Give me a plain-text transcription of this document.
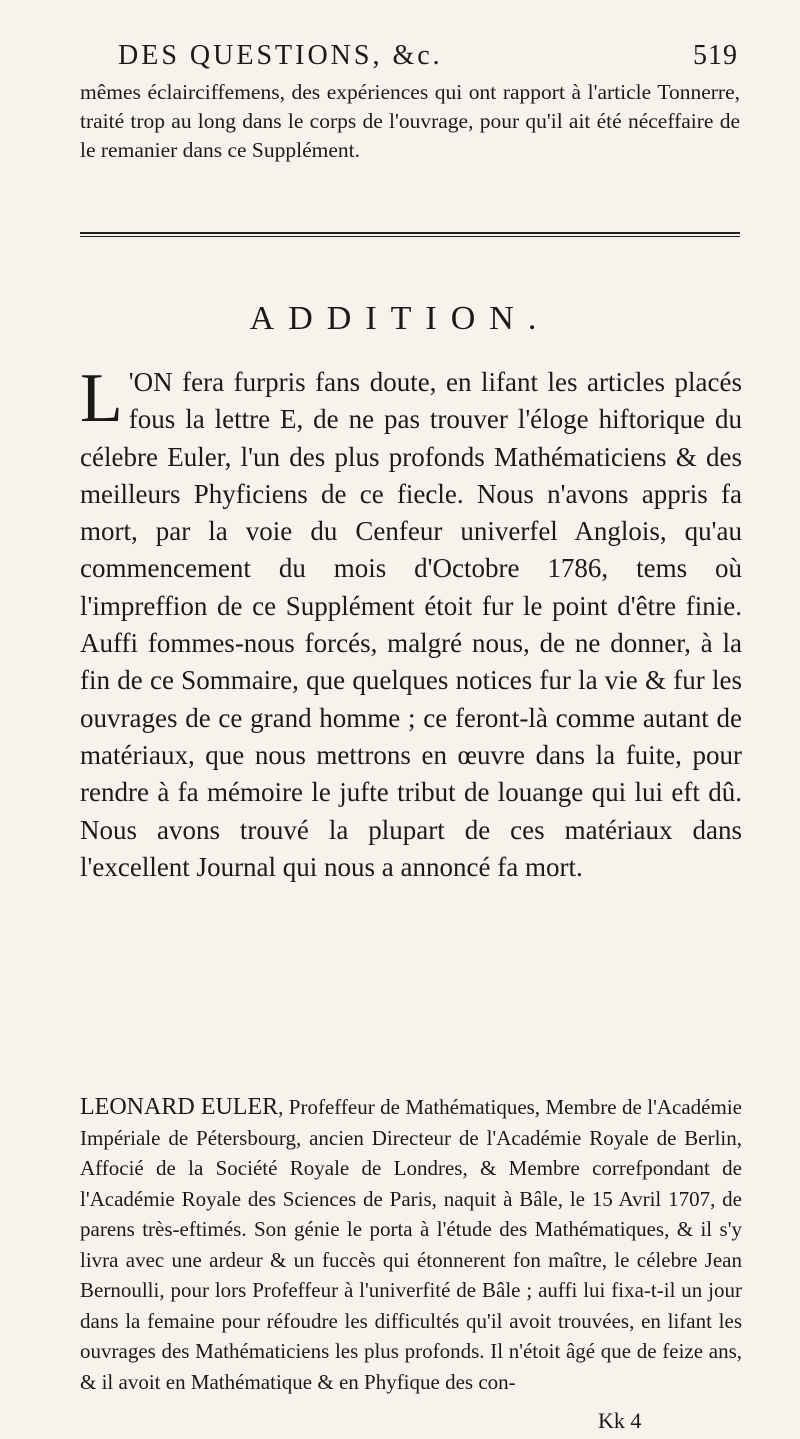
DES QUESTIONS, &c.	519
mêmes éclairciffemens, des expériences qui ont rapport à l'article Tonnerre, traité trop au long dans le corps de l'ouvrage, pour qu'il ait été néceffaire de le remanier dans ce Supplément.
ADDITION.
L 'ON fera furpris fans doute, en lifant les articles placés fous la lettre E, de ne pas trouver l'éloge hiftorique du célebre Euler, l'un des plus profonds Mathématiciens & des meilleurs Phyficiens de ce fiecle. Nous n'avons appris fa mort, par la voie du Cenfeur univerfel Anglois, qu'au commencement du mois d'Octobre 1786, tems où l'impreffion de ce Supplément étoit fur le point d'être finie. Auffi fommes-nous forcés, malgré nous, de ne donner, à la fin de ce Sommaire, que quelques notices fur la vie & fur les ouvrages de ce grand homme ; ce feront-là comme autant de matériaux, que nous mettrons en œuvre dans la fuite, pour rendre à fa mémoire le jufte tribut de louange qui lui eft dû. Nous avons trouvé la plupart de ces matériaux dans l'excellent Journal qui nous a annoncé fa mort.
LEONARD EULER, Profeffeur de Mathématiques, Membre de l'Académie Impériale de Pétersbourg, ancien Directeur de l'Académie Royale de Berlin, Affocié de la Société Royale de Londres, & Membre correfpondant de l'Académie Royale des Sciences de Paris, naquit à Bâle, le 15 Avril 1707, de parens très-eftimés. Son génie le porta à l'étude des Mathématiques, & il s'y livra avec une ardeur & un fuccès qui étonnerent fon maître, le célebre Jean Bernoulli, pour lors Profeffeur à l'univerfité de Bâle ; auffi lui fixa-t-il un jour dans la femaine pour réfoudre les difficultés qu'il avoit trouvées, en lifant les ouvrages des Mathématiciens les plus profonds. Il n'étoit âgé que de feize ans, & il avoit en Mathématique & en Phyfique des con-
Kk 4
